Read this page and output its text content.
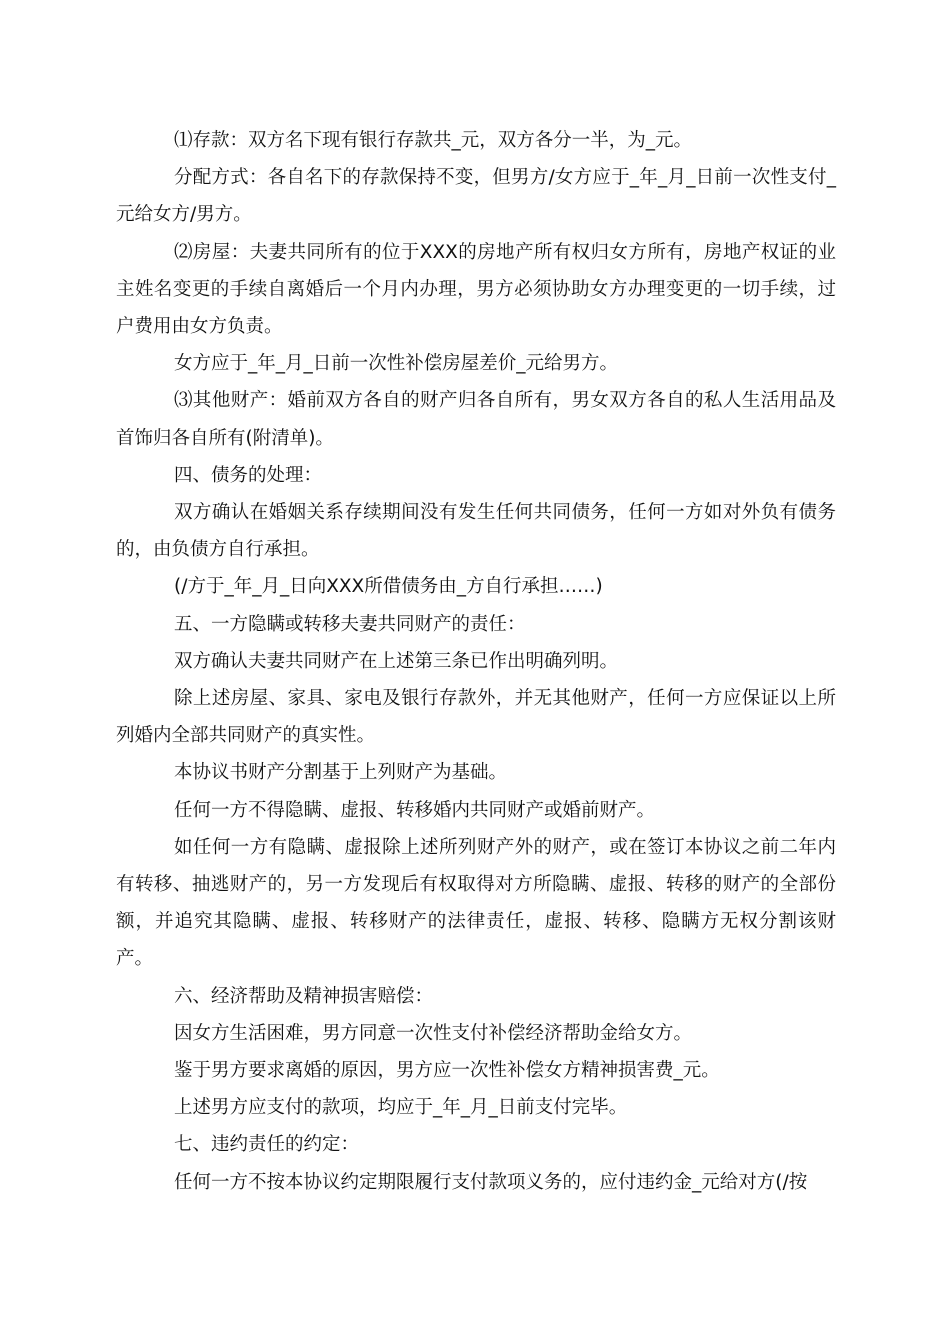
⑴存款：双方名下现有银行存款共_元，双方各分一半，为_元。

分配方式：各自名下的存款保持不变，但男方/女方应于_年_月_日前一次性支付_元给女方/男方。

⑵房屋：夫妻共同所有的位于XXX的房地产所有权归女方所有，房地产权证的业主姓名变更的手续自离婚后一个月内办理，男方必须协助女方办理变更的一切手续，过户费用由女方负责。

女方应于_年_月_日前一次性补偿房屋差价_元给男方。

⑶其他财产：婚前双方各自的财产归各自所有，男女双方各自的私人生活用品及首饰归各自所有(附清单)。

四、债务的处理：

双方确认在婚姻关系存续期间没有发生任何共同债务，任何一方如对外负有债务的，由负债方自行承担。

(/方于_年_月_日向XXX所借债务由_方自行承担……)

五、一方隐瞒或转移夫妻共同财产的责任：

双方确认夫妻共同财产在上述第三条已作出明确列明。

除上述房屋、家具、家电及银行存款外，并无其他财产，任何一方应保证以上所列婚内全部共同财产的真实性。

本协议书财产分割基于上列财产为基础。

任何一方不得隐瞒、虚报、转移婚内共同财产或婚前财产。

如任何一方有隐瞒、虚报除上述所列财产外的财产，或在签订本协议之前二年内有转移、抽逃财产的，另一方发现后有权取得对方所隐瞒、虚报、转移的财产的全部份额，并追究其隐瞒、虚报、转移财产的法律责任，虚报、转移、隐瞒方无权分割该财产。

六、经济帮助及精神损害赔偿：

因女方生活困难，男方同意一次性支付补偿经济帮助金给女方。

鉴于男方要求离婚的原因，男方应一次性补偿女方精神损害费_元。

上述男方应支付的款项，均应于_年_月_日前支付完毕。

七、违约责任的约定：

任何一方不按本协议约定期限履行支付款项义务的，应付违约金_元给对方(/按
